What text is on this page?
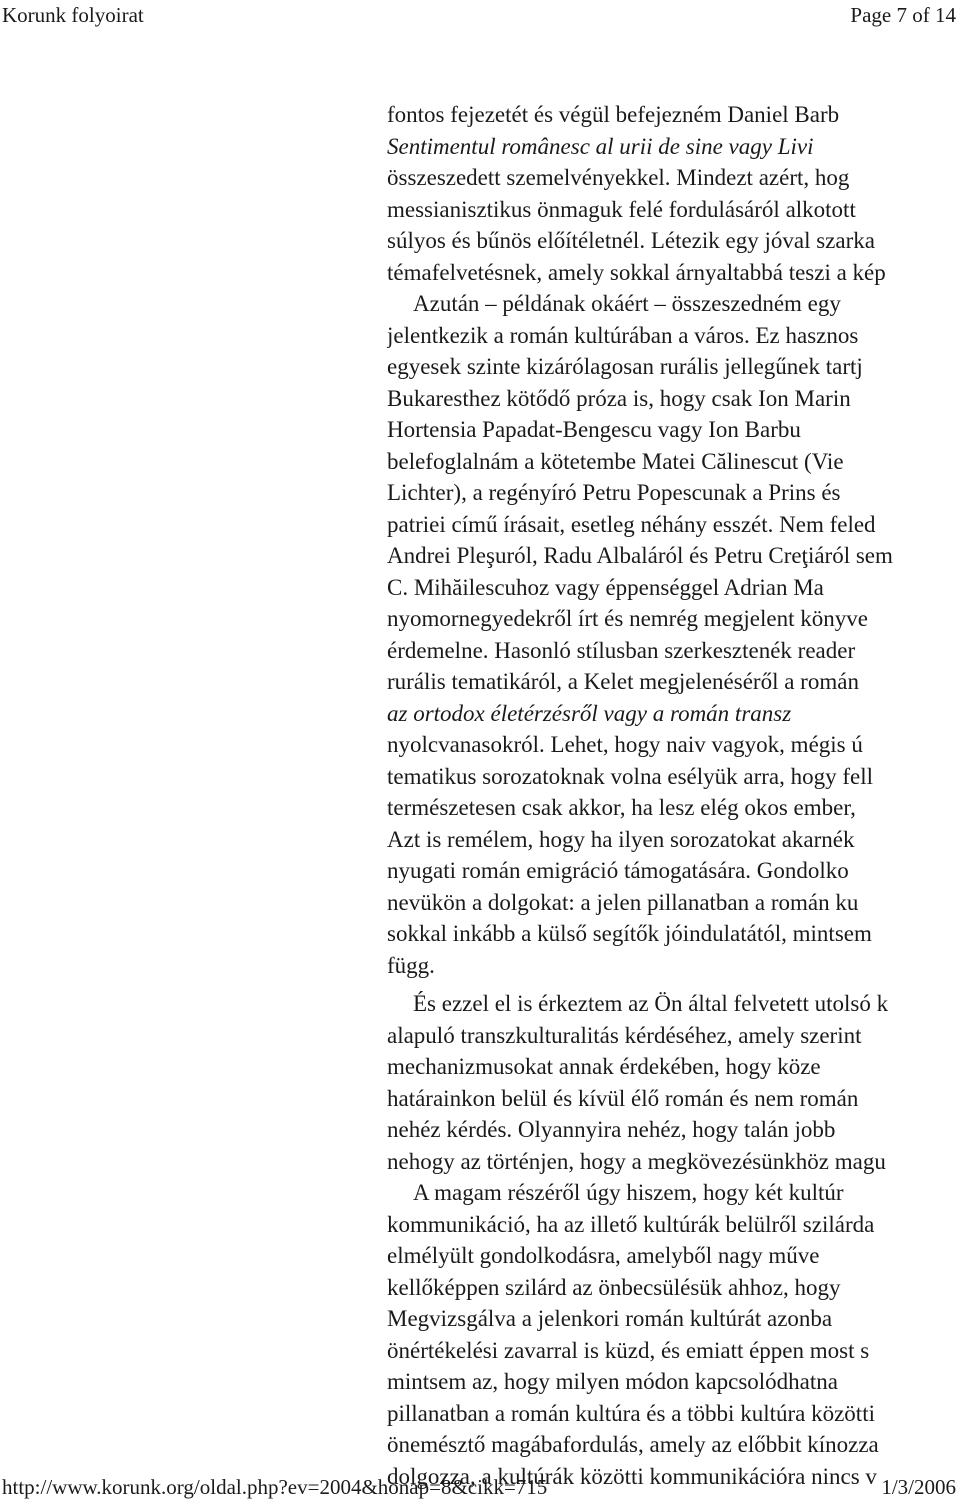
Korunk folyoirat	Page 7 of 14
fontos fejezetét és végül befejezném Daniel Barb
Sentimentul românesc al urii de sine vagy Livi
összeszedett szemelvényekkel. Mindezt azért, hog
messianisztikus önmaguk felé fordulásáról alkotott
súlyos és bűnös előítéletnél. Létezik egy jóval szarka
témafelvetésnek, amely sokkal árnyaltabbá teszi a kép
Azután – példának okáért – összeszedném egy
jelentkezik a román kultúrában a város. Ez hasznos
egyesek szinte kizárólagosan rurális jellegűnek tartj
Bukaresthez kötődő próza is, hogy csak Ion Marin
Hortensia Papadat-Bengescu vagy Ion Barbu
belefoglalnám a kötetembe Matei Călinescut (Vie
Lichter), a regényíró Petru Popescunak a Prins és
patriei című írásait, esetleg néhány esszét. Nem feled
Andrei Pleşuról, Radu Albaláról és Petru Creţiáról sem
C. Mihăilescuhoz vagy éppenséggel Adrian Ma
nyomornegyedekről írt és nemrég megjelent könyve
érdemelne. Hasonló stílusban szerkesztenék reader
rurális tematikáról, a Kelet megjelenéséről a román
az ortodox életérzésről vagy a román transz
nyolcvanasokról. Lehet, hogy naiv vagyok, mégis ú
tematikus sorozatoknak volna esélyük arra, hogy fell
természetesen csak akkor, ha lesz elég okos ember,
Azt is remélem, hogy ha ilyen sorozatokat akarnék
nyugati román emigráció támogatására. Gondolko
nevükön a dolgokat: a jelen pillanatban a román ku
sokkal inkább a külső segítők jóindulatától, mintsem
függ.
És ezzel el is érkeztem az Ön által felvetett utolsó k
alapuló transzkulturalitás kérdéséhez, amely szerint
mechanizmusokat annak érdekében, hogy köze
határainkon belül és kívül élő román és nem román
nehéz kérdés. Olyannyira nehéz, hogy talán jobb
nehogy az történjen, hogy a megkövezésünkhöz magu
A magam részéről úgy hiszem, hogy két kultúr
kommunikáció, ha az illető kultúrák belülről szilárda
elmélyült gondolkodásra, amelyből nagy műve
kellőképpen szilárd az önbecsülésük ahhoz, hogy
Megvizsgálva a jelenkori román kultúrát azonba
önértékelési zavarral is küzd, és emiatt éppen most s
mintsem az, hogy milyen módon kapcsolódhatna
pillanatban a román kultúra és a többi kultúra közötti
önemésztő magábafordulás, amely az előbbit kínozza
dolgozza, a kultúrák közötti kommunikációra nincs v
http://www.korunk.org/oldal.php?ev=2004&honap=8&cikk=715	1/3/2006
